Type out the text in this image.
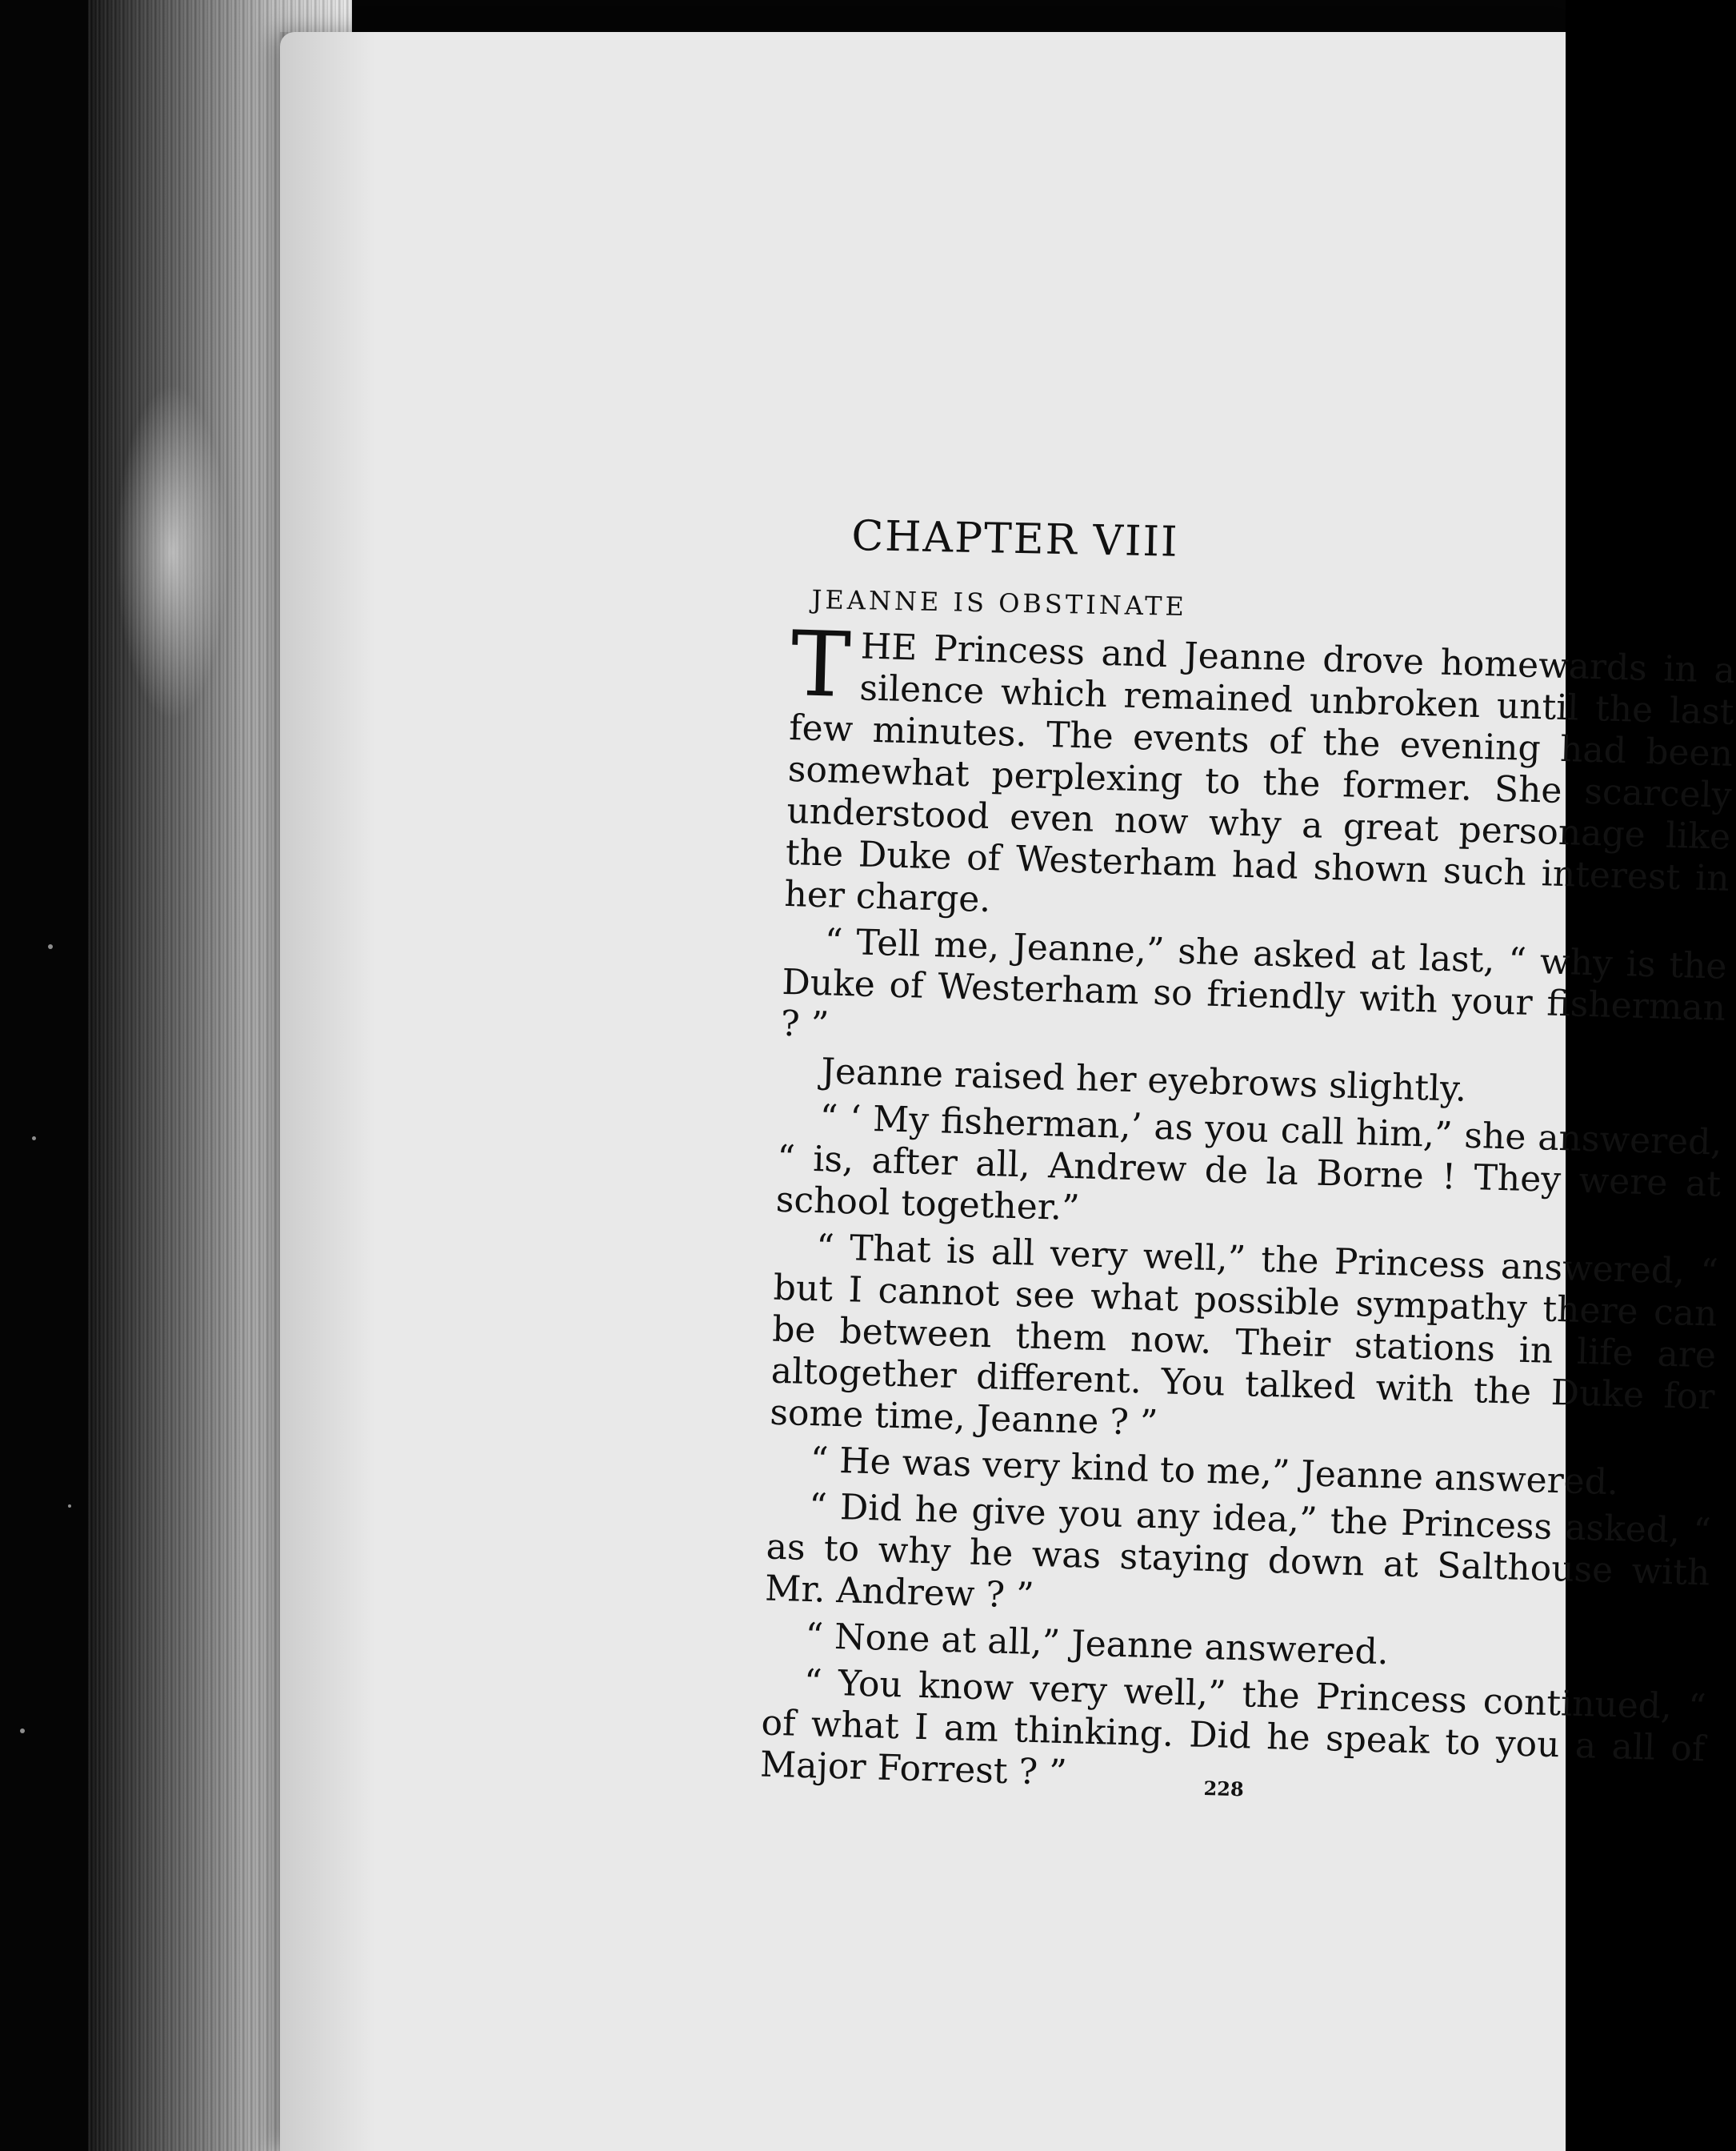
CHAPTER VIII
JEANNE IS OBSTINATE

T HE Princess and Jeanne drove homewards in a silence which remained unbroken until the last few minutes. The events of the evening had been somewhat perplexing to the former. She scarcely understood even now why a great personage like the Duke of Westerham had shown such interest in her charge.

“ Tell me, Jeanne,” she asked at last, “ why is the Duke of Westerham so friendly with your fisherman ? ”

Jeanne raised her eyebrows slightly.

“ ‘ My fisherman,’ as you call him,” she answered, “ is, after all, Andrew de la Borne ! They were at school together.”

“ That is all very well,” the Princess answered, “ but I cannot see what possible sympathy there can be between them now. Their stations in life are altogether different. You talked with the Duke for some time, Jeanne ? ”

“ He was very kind to me,” Jeanne answered.

“ Did he give you any idea,” the Princess asked, “ as to why he was staying down at Salthouse with Mr. Andrew ? ”

“ None at all,” Jeanne answered.

“ You know very well,” the Princess continued, “ of what I am thinking. Did he speak to you a all of Major Forrest ? ”	228
